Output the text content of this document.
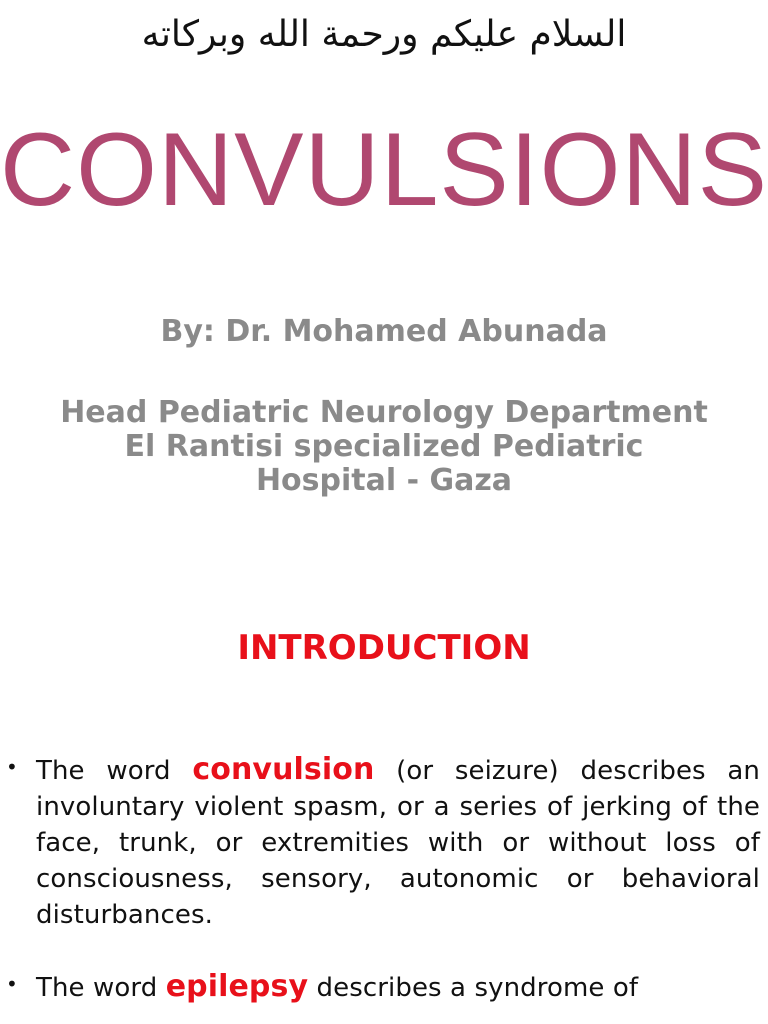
السلام عليكم ورحمة الله وبركاته
CONVULSIONS
By: Dr. Mohamed Abunada
Head Pediatric Neurology Department
El Rantisi specialized Pediatric
Hospital - Gaza
INTRODUCTION
• The word convulsion (or seizure) describes an involuntary violent spasm, or a series of jerking of the face, trunk, or extremities with or without loss of consciousness, sensory, autonomic or behavioral disturbances.
• The word epilepsy describes a syndrome of
